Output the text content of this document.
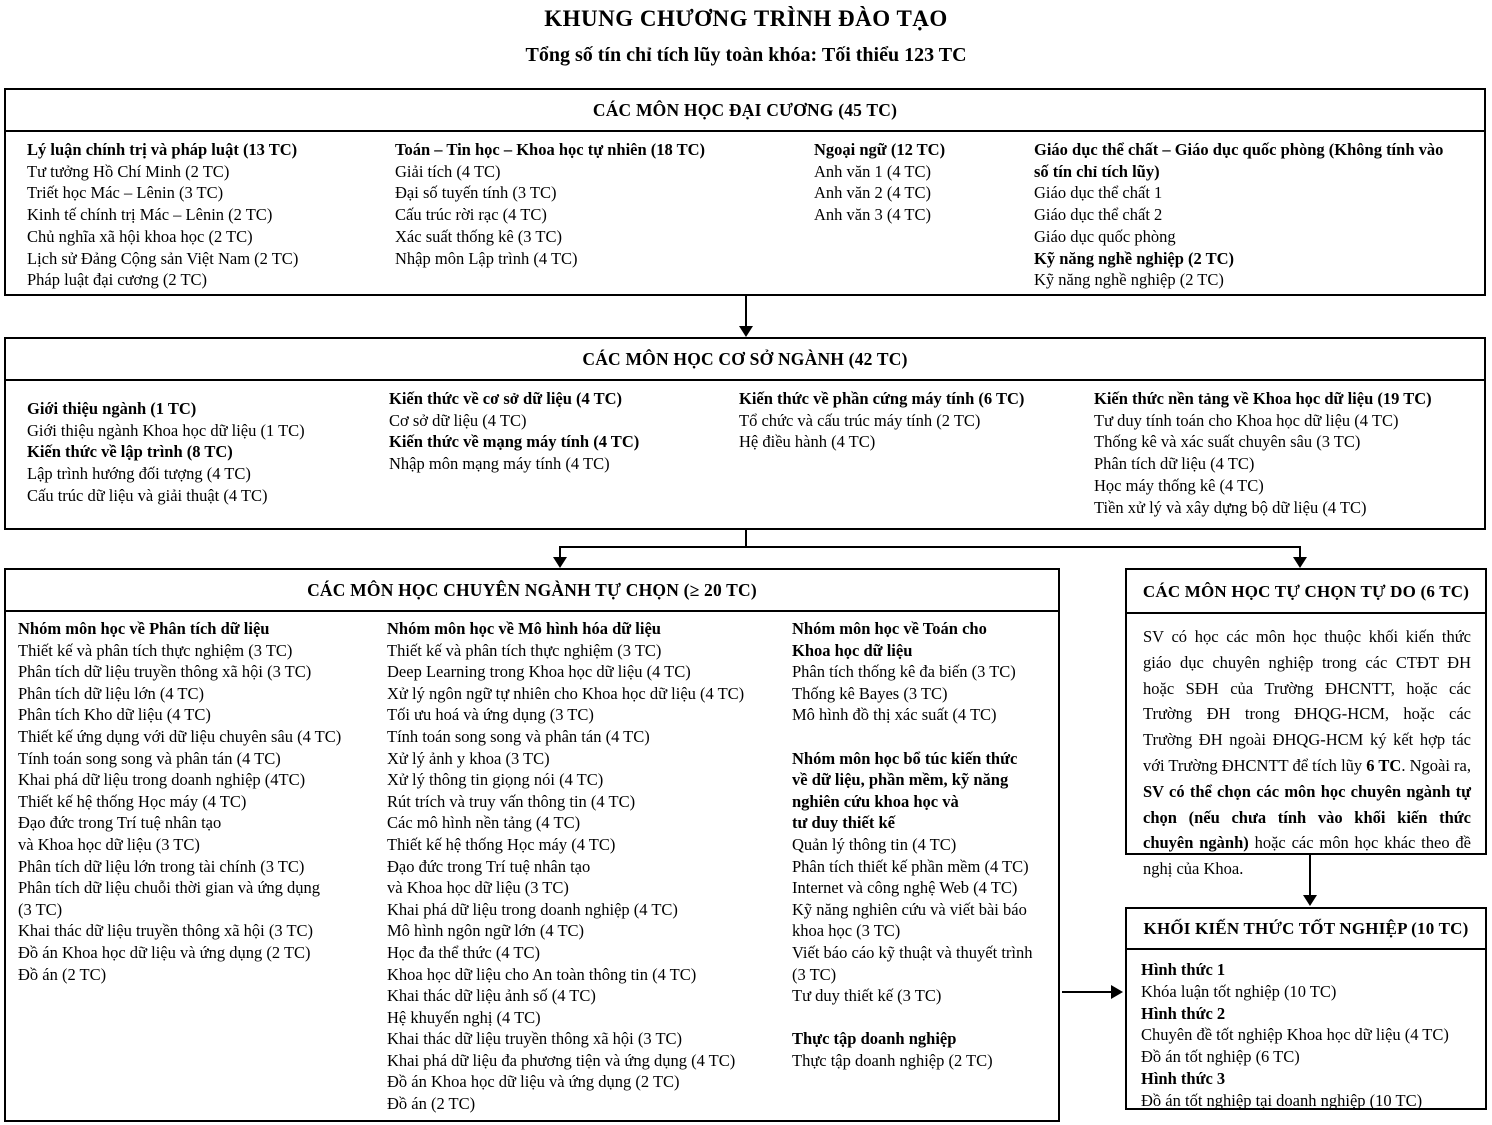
KHUNG CHƯƠNG TRÌNH ĐÀO TẠO
Tổng số tín chỉ tích lũy toàn khóa: Tối thiểu 123 TC
CÁC MÔN HỌC ĐẠI CƯƠNG (45 TC)
Lý luận chính trị và pháp luật (13 TC)
Tư tưởng Hồ Chí Minh (2 TC)
Triết học Mác – Lênin (3 TC)
Kinh tế chính trị Mác – Lênin (2 TC)
Chủ nghĩa xã hội khoa học (2 TC)
Lịch sử Đảng Cộng sản Việt Nam (2 TC)
Pháp luật đại cương (2 TC)
Toán – Tin học – Khoa học tự nhiên (18 TC)
Giải tích (4 TC)
Đại số tuyến tính (3 TC)
Cấu trúc rời rạc (4 TC)
Xác suất thống kê (3 TC)
Nhập môn Lập trình (4 TC)
Ngoại ngữ (12 TC)
Anh văn 1 (4 TC)
Anh văn 2 (4 TC)
Anh văn 3 (4 TC)
Giáo dục thể chất – Giáo dục quốc phòng (Không tính vào
số tín chỉ tích lũy)
Giáo dục thể chất 1
Giáo dục thể chất 2
Giáo dục quốc phòng
Kỹ năng nghề nghiệp (2 TC)
Kỹ năng nghề nghiệp (2 TC)
CÁC MÔN HỌC CƠ SỞ NGÀNH (42 TC)
Giới thiệu ngành (1 TC)
Giới thiệu ngành Khoa học dữ liệu (1 TC)
Kiến thức về lập trình (8 TC)
Lập trình hướng đối tượng (4 TC)
Cấu trúc dữ liệu và giải thuật (4 TC)
Kiến thức về cơ sở dữ liệu (4 TC)
Cơ sở dữ liệu (4 TC)
Kiến thức về mạng máy tính (4 TC)
Nhập môn mạng máy tính (4 TC)
Kiến thức về phần cứng máy tính (6 TC)
Tổ chức và cấu trúc máy tính (2 TC)
Hệ điều hành (4 TC)
Kiến thức nền tảng về Khoa học dữ liệu (19 TC)
Tư duy tính toán cho Khoa học dữ liệu (4 TC)
Thống kê và xác suất chuyên sâu (3 TC)
Phân tích dữ liệu (4 TC)
Học máy thống kê (4 TC)
Tiền xử lý và xây dựng bộ dữ liệu (4 TC)
CÁC MÔN HỌC CHUYÊN NGÀNH TỰ CHỌN (≥ 20 TC)
Nhóm môn học về Phân tích dữ liệu
Thiết kế và phân tích thực nghiệm (3 TC)
Phân tích dữ liệu truyền thông xã hội (3 TC)
Phân tích dữ liệu lớn (4 TC)
Phân tích Kho dữ liệu (4 TC)
Thiết kế ứng dụng với dữ liệu chuyên sâu (4 TC)
Tính toán song song và phân tán (4 TC)
Khai phá dữ liệu trong doanh nghiệp (4TC)
Thiết kế hệ thống Học máy (4 TC)
Đạo đức trong Trí tuệ nhân tạo
và Khoa học dữ liệu (3 TC)
Phân tích dữ liệu lớn trong tài chính (3 TC)
Phân tích dữ liệu chuỗi thời gian và ứng dụng
(3 TC)
Khai thác dữ liệu truyền thông xã hội (3 TC)
Đồ án Khoa học dữ liệu và ứng dụng (2 TC)
Đồ án (2 TC)
Nhóm môn học về Mô hình hóa dữ liệu
Thiết kế và phân tích thực nghiệm (3 TC)
Deep Learning trong Khoa học dữ liệu (4 TC)
Xử lý ngôn ngữ tự nhiên cho Khoa học dữ liệu (4 TC)
Tối ưu hoá và ứng dụng (3 TC)
Tính toán song song và phân tán (4 TC)
Xử lý ảnh y khoa (3 TC)
Xử lý thông tin giọng nói (4 TC)
Rút trích và truy vấn thông tin (4 TC)
Các mô hình nền tảng (4 TC)
Thiết kế hệ thống Học máy (4 TC)
Đạo đức trong Trí tuệ nhân tạo
và Khoa học dữ liệu (3 TC)
Khai phá dữ liệu trong doanh nghiệp (4 TC)
Mô hình ngôn ngữ lớn (4 TC)
Học đa thể thức (4 TC)
Khoa học dữ liệu cho An toàn thông tin (4 TC)
Khai thác dữ liệu ảnh số (4 TC)
Hệ khuyến nghị (4 TC)
Khai thác dữ liệu truyền thông xã hội (3 TC)
Khai phá dữ liệu đa phương tiện và ứng dụng (4 TC)
Đồ án Khoa học dữ liệu và ứng dụng (2 TC)
Đồ án (2 TC)
Nhóm môn học về Toán cho
Khoa học dữ liệu
Phân tích thống kê đa biến (3 TC)
Thống kê Bayes (3 TC)
Mô hình đồ thị xác suất (4 TC)

Nhóm môn học bổ túc kiến thức
về dữ liệu, phần mềm, kỹ năng
nghiên cứu khoa học và
tư duy thiết kế
Quản lý thông tin (4 TC)
Phân tích thiết kế phần mềm (4 TC)
Internet và công nghệ Web (4 TC)
Kỹ năng nghiên cứu và viết bài báo
khoa học (3 TC)
Viết báo cáo kỹ thuật và thuyết trình
(3 TC)
Tư duy thiết kế (3 TC)

Thực tập doanh nghiệp
Thực tập doanh nghiệp (2 TC)
CÁC MÔN HỌC TỰ CHỌN TỰ DO (6 TC)
SV có học các môn học thuộc khối kiến thức giáo dục chuyên nghiệp trong các CTĐT ĐH hoặc SĐH của Trường ĐHCNTT, hoặc các Trường ĐH trong ĐHQG-HCM, hoặc các Trường ĐH ngoài ĐHQG-HCM ký kết hợp tác với Trường ĐHCNTT để tích lũy 6 TC. Ngoài ra, SV có thể chọn các môn học chuyên ngành tự chọn (nếu chưa tính vào khối kiến thức chuyên ngành) hoặc các môn học khác theo đề nghị của Khoa.
KHỐI KIẾN THỨC TỐT NGHIỆP (10 TC)
Hình thức 1
Khóa luận tốt nghiệp (10 TC)
Hình thức 2
Chuyên đề tốt nghiệp Khoa học dữ liệu (4 TC)
Đồ án tốt nghiệp (6 TC)
Hình thức 3
Đồ án tốt nghiệp tại doanh nghiệp (10 TC)
